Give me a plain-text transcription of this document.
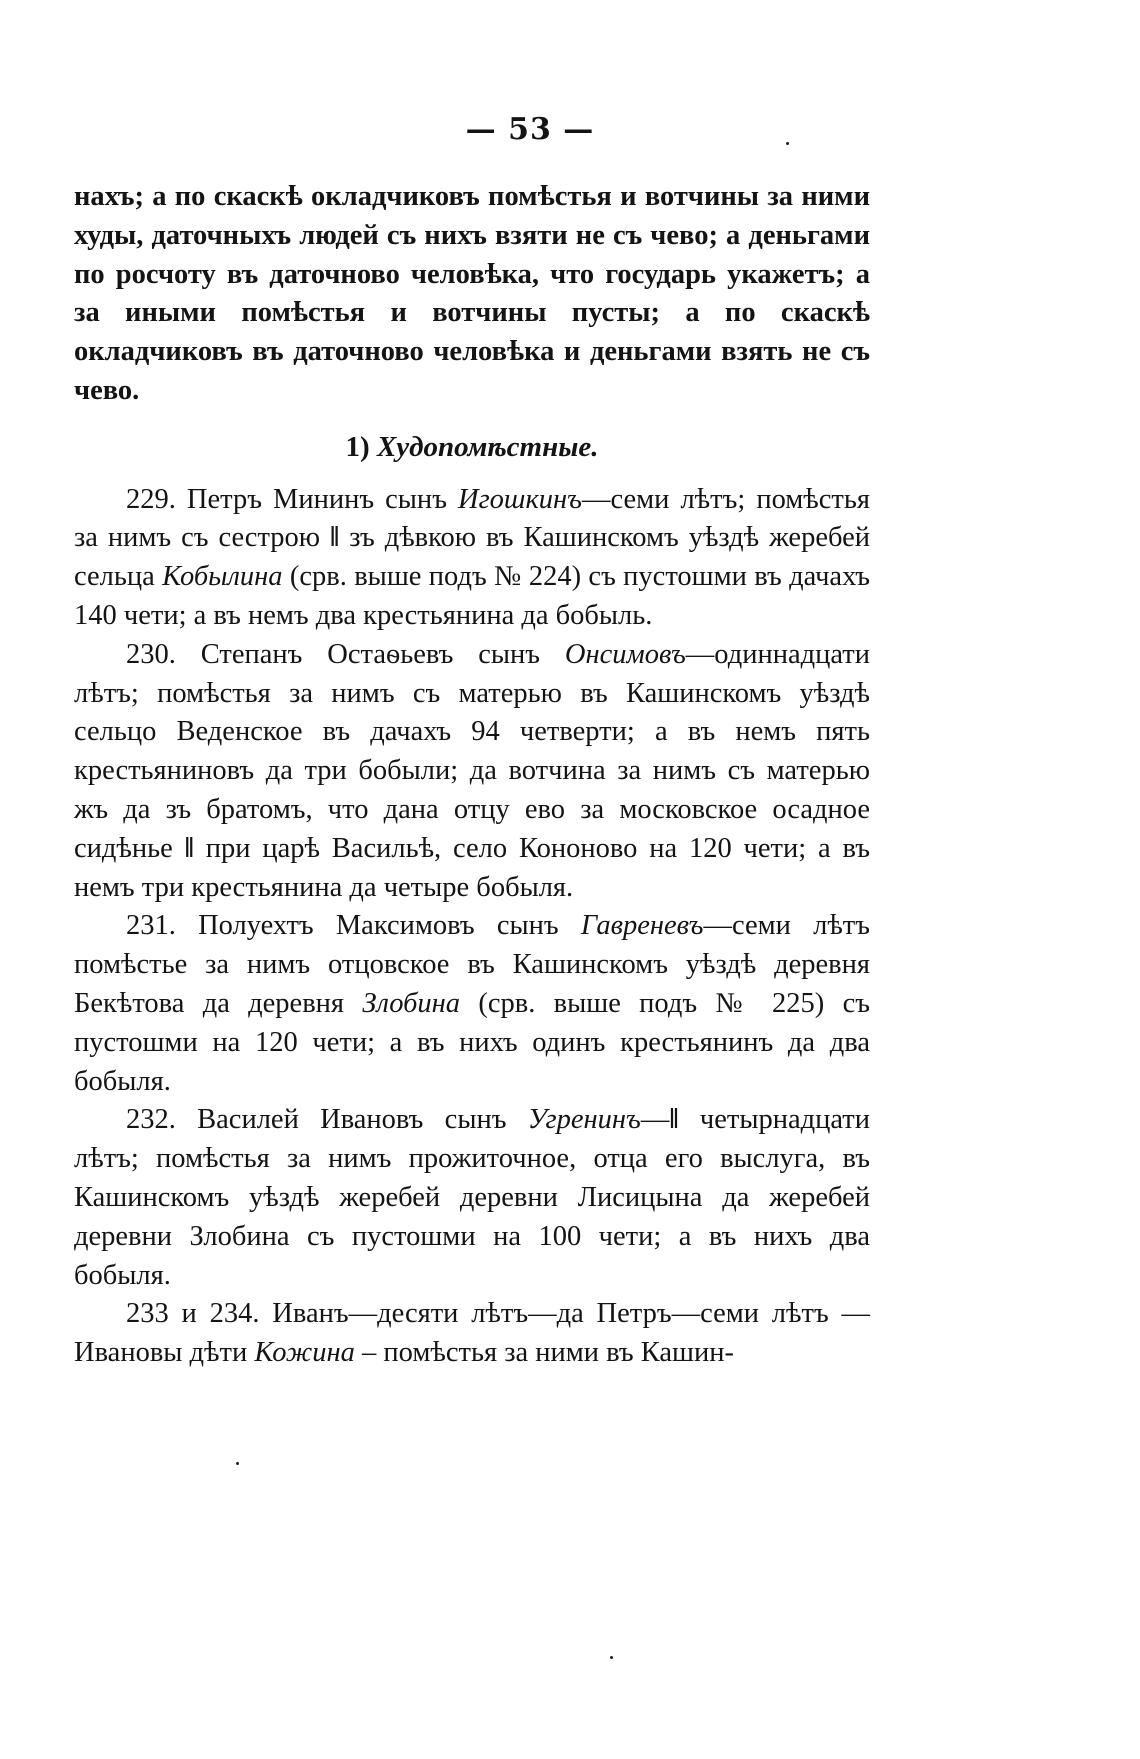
— 53 —

нахъ; а по скаскѣ окладчиковъ помѣстья и вотчины за ними худы, даточныхъ людей съ нихъ взяти не съ чево; а деньгами по росчоту въ даточново человѣка, что государь укажетъ; а за иными помѣстья и вотчины пусты; а по скаскѣ окладчиковъ въ даточново человѣка и деньгами взять не съ чево.

1) Худопомѣстные.

229. Петръ Мининъ сынъ Игошкинъ—семи лѣтъ; помѣстья за нимъ съ сестрою ‖ зъ дѣвкою въ Кашинскомъ уѣздѣ жеребей сельца Кобылина (срв. выше подъ № 224) съ пустошми въ дачахъ 140 чети; а въ немъ два крестьянина да бобыль.

230. Степанъ Остаѳьевъ сынъ Онсимовъ—одиннадцати лѣтъ; помѣстья за нимъ съ матерью въ Кашинскомъ уѣздѣ сельцо Веденское въ дачахъ 94 четверти; а въ немъ пять крестьяниновъ да три бобыли; да вотчина за нимъ съ матерью жъ да зъ братомъ, что дана отцу ево за московское осадное сидѣнье ‖ при царѣ Васильѣ, село Кононово на 120 чети; а въ немъ три крестьянина да четыре бобыля.

231. Полуехтъ Максимовъ сынъ Гавреневъ—семи лѣтъ помѣстье за нимъ отцовское въ Кашинскомъ уѣздѣ деревня Бекѣтова да деревня Злобина (срв. выше подъ № 225) съ пустошми на 120 чети; а въ нихъ одинъ крестьянинъ да два бобыля.

232. Василей Ивановъ сынъ Угренинъ—‖ четырнадцати лѣтъ; помѣстья за нимъ прожиточное, отца его выслуга, въ Кашинскомъ уѣздѣ жеребей деревни Лисицына да жеребей деревни Злобина съ пустошми на 100 чети; а въ нихъ два бобыля.

233 и 234. Иванъ—десяти лѣтъ—да Петръ—семи лѣтъ —Ивановы дѣти Кожина – помѣстья за ними въ Кашин-
